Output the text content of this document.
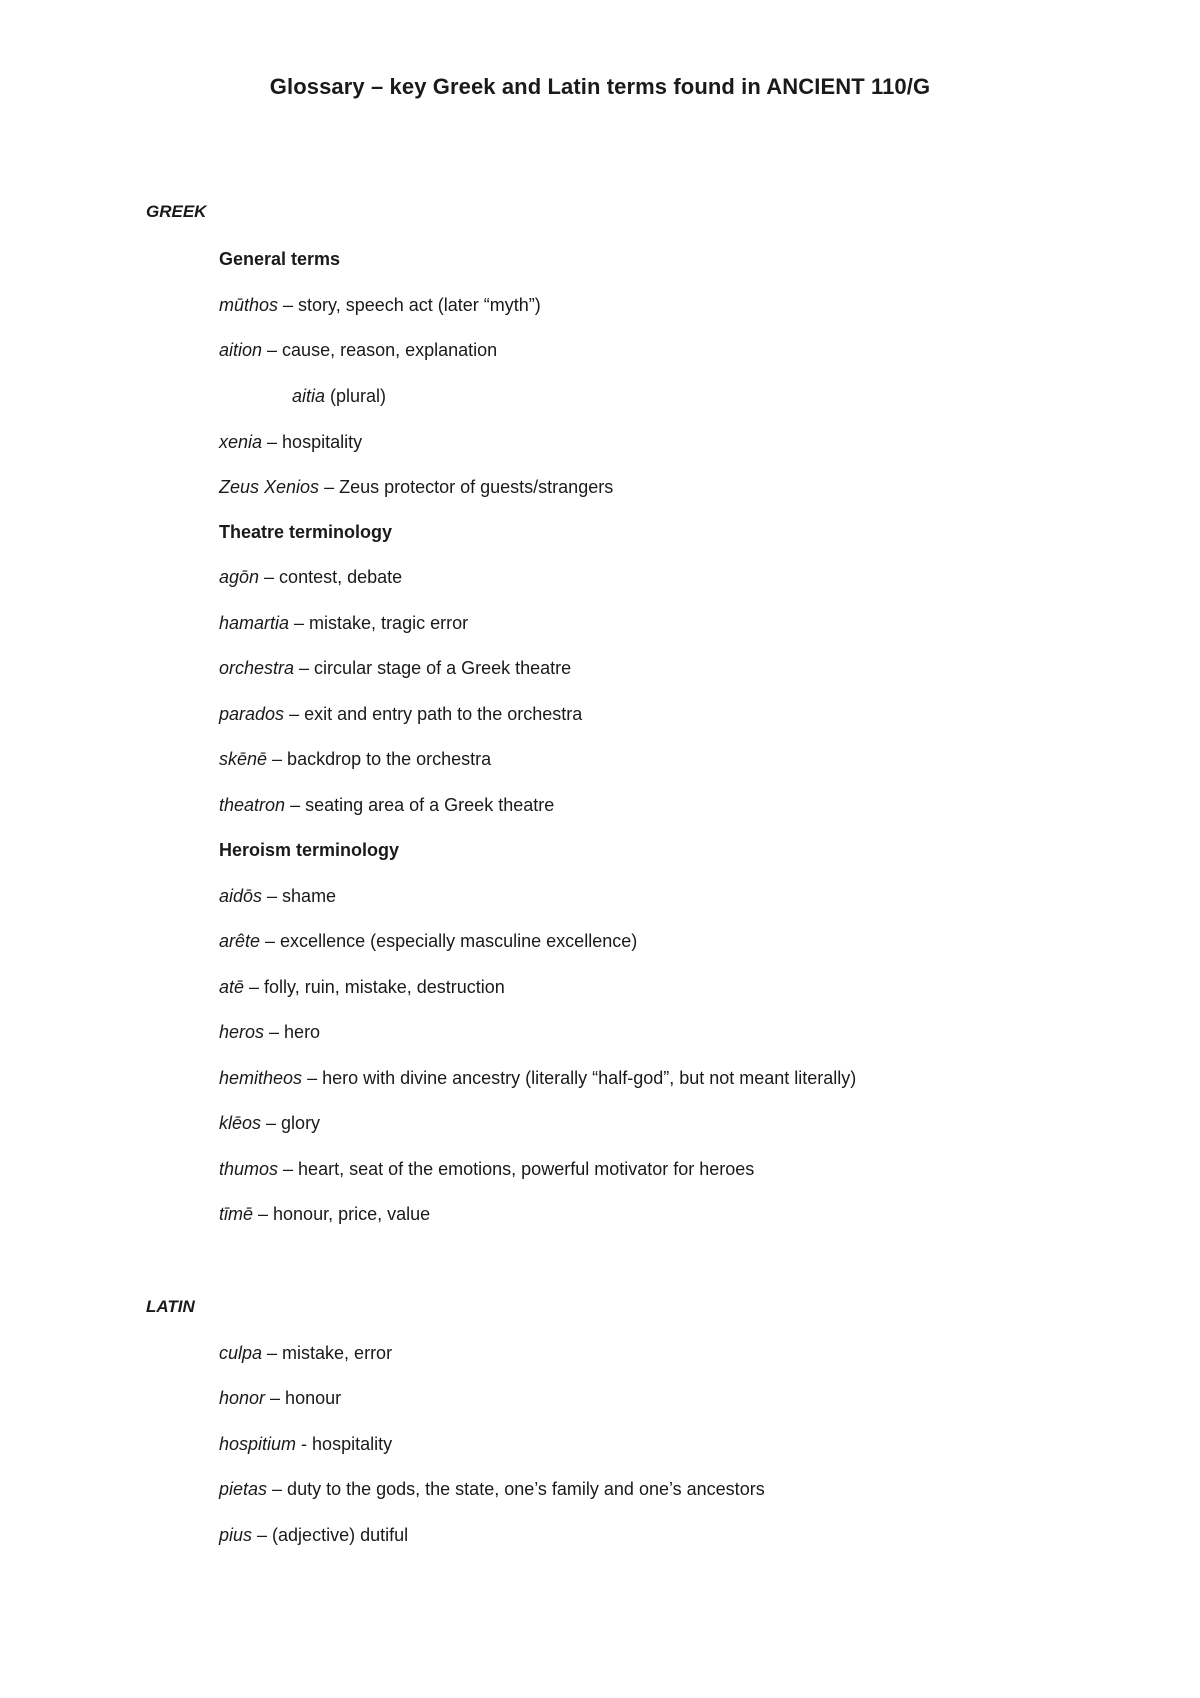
Glossary – key Greek and Latin terms found in ANCIENT 110/G
GREEK
General terms
mūthos – story, speech act (later “myth”)
aition – cause, reason, explanation
aitia (plural)
xenia – hospitality
Zeus Xenios – Zeus protector of guests/strangers
Theatre terminology
agōn – contest, debate
hamartia – mistake, tragic error
orchestra – circular stage of a Greek theatre
parados – exit and entry path to the orchestra
skēnē – backdrop to the orchestra
theatron – seating area of a Greek theatre
Heroism terminology
aidōs – shame
arête – excellence (especially masculine excellence)
atē – folly, ruin, mistake, destruction
heros – hero
hemitheos – hero with divine ancestry (literally “half-god”, but not meant literally)
klēos – glory
thumos – heart, seat of the emotions, powerful motivator for heroes
tīmē – honour, price, value
LATIN
culpa – mistake, error
honor – honour
hospitium - hospitality
pietas – duty to the gods, the state, one’s family and one’s ancestors
pius – (adjective) dutiful
